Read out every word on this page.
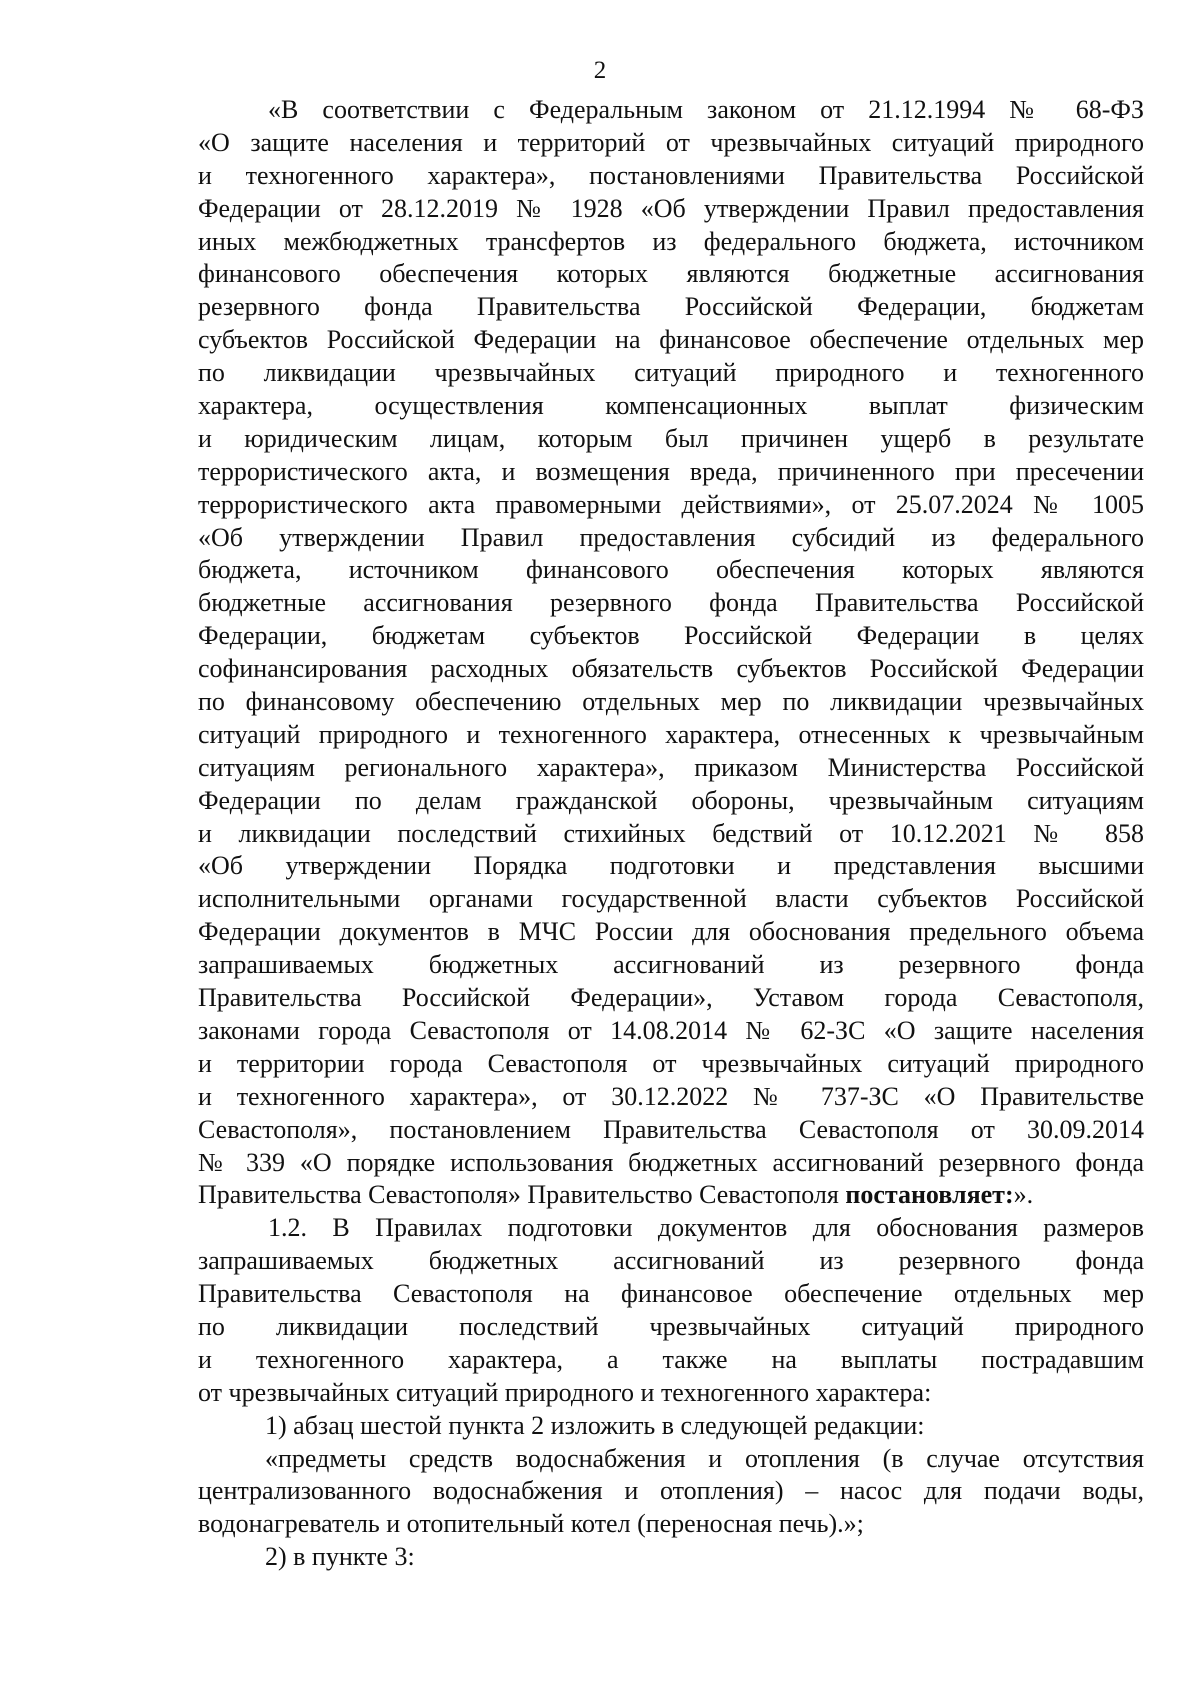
2
«В соответствии с Федеральным законом от 21.12.1994 № 68-ФЗ
«О защите населения и территорий от чрезвычайных ситуаций природного
и техногенного характера», постановлениями Правительства Российской
Федерации от 28.12.2019 № 1928 «Об утверждении Правил предоставления
иных межбюджетных трансфертов из федерального бюджета, источником
финансового обеспечения которых являются бюджетные ассигнования
резервного фонда Правительства Российской Федерации, бюджетам
субъектов Российской Федерации на финансовое обеспечение отдельных мер
по ликвидации чрезвычайных ситуаций природного и техногенного
характера, осуществления компенсационных выплат физическим
и юридическим лицам, которым был причинен ущерб в результате
террористического акта, и возмещения вреда, причиненного при пресечении
террористического акта правомерными действиями», от 25.07.2024 № 1005
«Об утверждении Правил предоставления субсидий из федерального
бюджета, источником финансового обеспечения которых являются
бюджетные ассигнования резервного фонда Правительства Российской
Федерации, бюджетам субъектов Российской Федерации в целях
софинансирования расходных обязательств субъектов Российской Федерации
по финансовому обеспечению отдельных мер по ликвидации чрезвычайных
ситуаций природного и техногенного характера, отнесенных к чрезвычайным
ситуациям регионального характера», приказом Министерства Российской
Федерации по делам гражданской обороны, чрезвычайным ситуациям
и ликвидации последствий стихийных бедствий от 10.12.2021 № 858
«Об утверждении Порядка подготовки и представления высшими
исполнительными органами государственной власти субъектов Российской
Федерации документов в МЧС России для обоснования предельного объема
запрашиваемых бюджетных ассигнований из резервного фонда
Правительства Российской Федерации», Уставом города Севастополя,
законами города Севастополя от 14.08.2014 № 62-ЗС «О защите населения
и территории города Севастополя от чрезвычайных ситуаций природного
и техногенного характера», от 30.12.2022 № 737-ЗС «О Правительстве
Севастополя», постановлением Правительства Севастополя от 30.09.2014
№ 339 «О порядке использования бюджетных ассигнований резервного фонда
Правительства Севастополя» Правительство Севастополя постановляет:».
1.2. В Правилах подготовки документов для обоснования размеров
запрашиваемых бюджетных ассигнований из резервного фонда
Правительства Севастополя на финансовое обеспечение отдельных мер
по ликвидации последствий чрезвычайных ситуаций природного
и техногенного характера, а также на выплаты пострадавшим
от чрезвычайных ситуаций природного и техногенного характера:
1) абзац шестой пункта 2 изложить в следующей редакции:
«предметы средств водоснабжения и отопления (в случае отсутствия
централизованного водоснабжения и отопления) – насос для подачи воды,
водонагреватель и отопительный котел (переносная печь).»;
2) в пункте 3:
